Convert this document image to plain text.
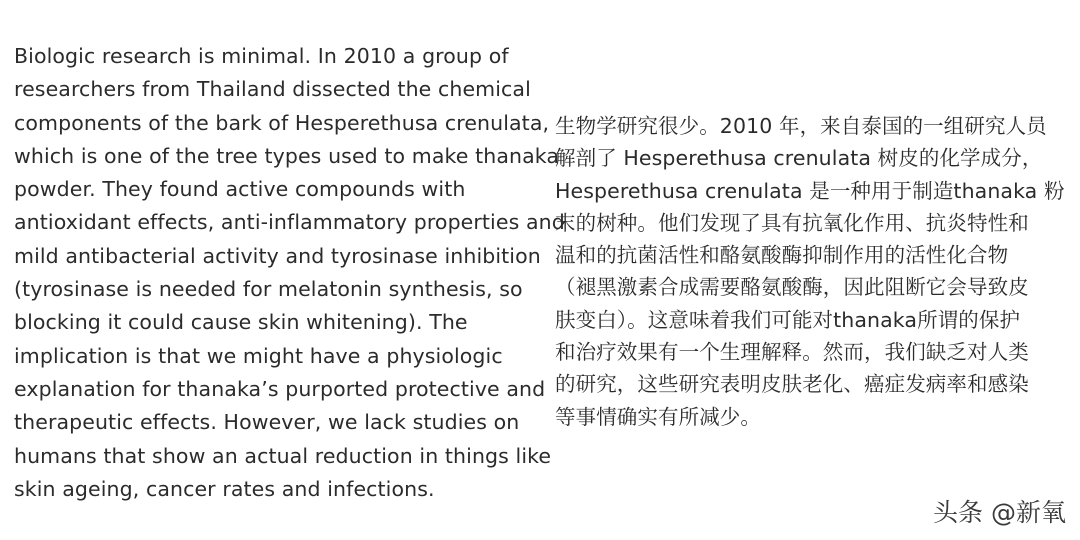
Biologic research is minimal. In 2010 a group of
researchers from Thailand dissected the chemical
components of the bark of Hesperethusa crenulata,
which is one of the tree types used to make thanaka
powder. They found active compounds with
antioxidant effects, anti-inflammatory properties and
mild antibacterial activity and tyrosinase inhibition
(tyrosinase is needed for melatonin synthesis, so
blocking it could cause skin whitening). The
implication is that we might have a physiologic
explanation for thanaka’s purported protective and
therapeutic effects. However, we lack studies on
humans that show an actual reduction in things like
skin ageing, cancer rates and infections.
生物学研究很少。2010 年，来自泰国的一组研究人员
解剖了 Hesperethusa crenulata 树皮的化学成分，
Hesperethusa crenulata 是一种用于制造thanaka 粉
末的树种。他们发现了具有抗氧化作用、抗炎特性和
温和的抗菌活性和酪氨酸酶抑制作用的活性化合物
（褪黑激素合成需要酪氨酸酶，因此阻断它会导致皮
肤变白）。这意味着我们可能对thanaka所谓的保护
和治疗效果有一个生理解释。然而，我们缺乏对人类
的研究，这些研究表明皮肤老化、癌症发病率和感染
等事情确实有所减少。
头条 @新氧
